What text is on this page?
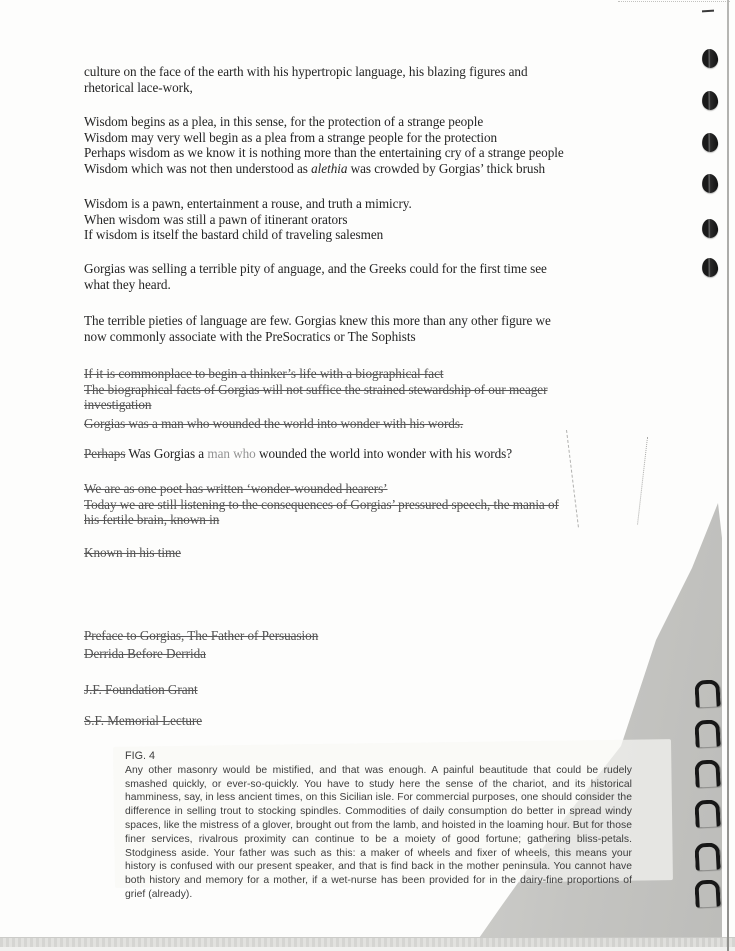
culture on the face of the earth with his hypertropic language, his blazing figures and
rhetorical lace-work,
Wisdom begins as a plea, in this sense, for the protection of a strange people
Wisdom may very well begin as a plea from a strange people for the protection
Perhaps wisdom as we know it is nothing more than the entertaining cry of a strange people
Wisdom which was not then understood as alethia was crowded by Gorgias’ thick brush
Wisdom is a pawn, entertainment a rouse, and truth a mimicry.
When wisdom was still a pawn of itinerant orators
If wisdom is itself the bastard child of traveling salesmen
Gorgias was selling a terrible pity of anguage, and the Greeks could for the first time see
what they heard.
The terrible pieties of language are few. Gorgias knew this more than any other figure we
now commonly associate with the PreSocratics or The Sophists
If it is commonplace to begin a thinker’s life with a biographical fact
The biographical facts of Gorgias will not suffice the strained stewardship of our meager
investigation
Gorgias was a man who wounded the world into wonder with his words.
Perhaps Was Gorgias a man who wounded the world into wonder with his words?
We are as one poet has written ‘wonder-wounded hearers’
Today we are still listening to the consequences of Gorgias’ pressured speech, the mania of
his fertile brain, known in
Known in his time
Preface to Gorgias, The Father of Persuasion
Derrida Before Derrida
J.F. Foundation Grant
S.F. Memorial Lecture
FIG. 4
Any other masonry would be mistified, and that was enough. A painful beautitude that could be rudely smashed quickly, or ever-so-quickly. You have to study here the sense of the chariot, and its historical hamminess, say, in less ancient times, on this Sicilian isle. For commercial purposes, one should consider the difference in selling trout to stocking spindles. Commodities of daily consumption do better in spread windy spaces, like the mistress of a glover, brought out from the lamb, and hoisted in the loaming hour. But for those finer services, rivalrous proximity can continue to be a moiety of good fortune; gathering bliss-petals. Stodginess aside. Your father was such as this: a maker of wheels and fixer of wheels, this means your history is confused with our present speaker, and that is find back in the mother peninsula. You cannot have both history and memory for a mother, if a wet-nurse has been provided for in the dairy-fine proportions of grief (already).
